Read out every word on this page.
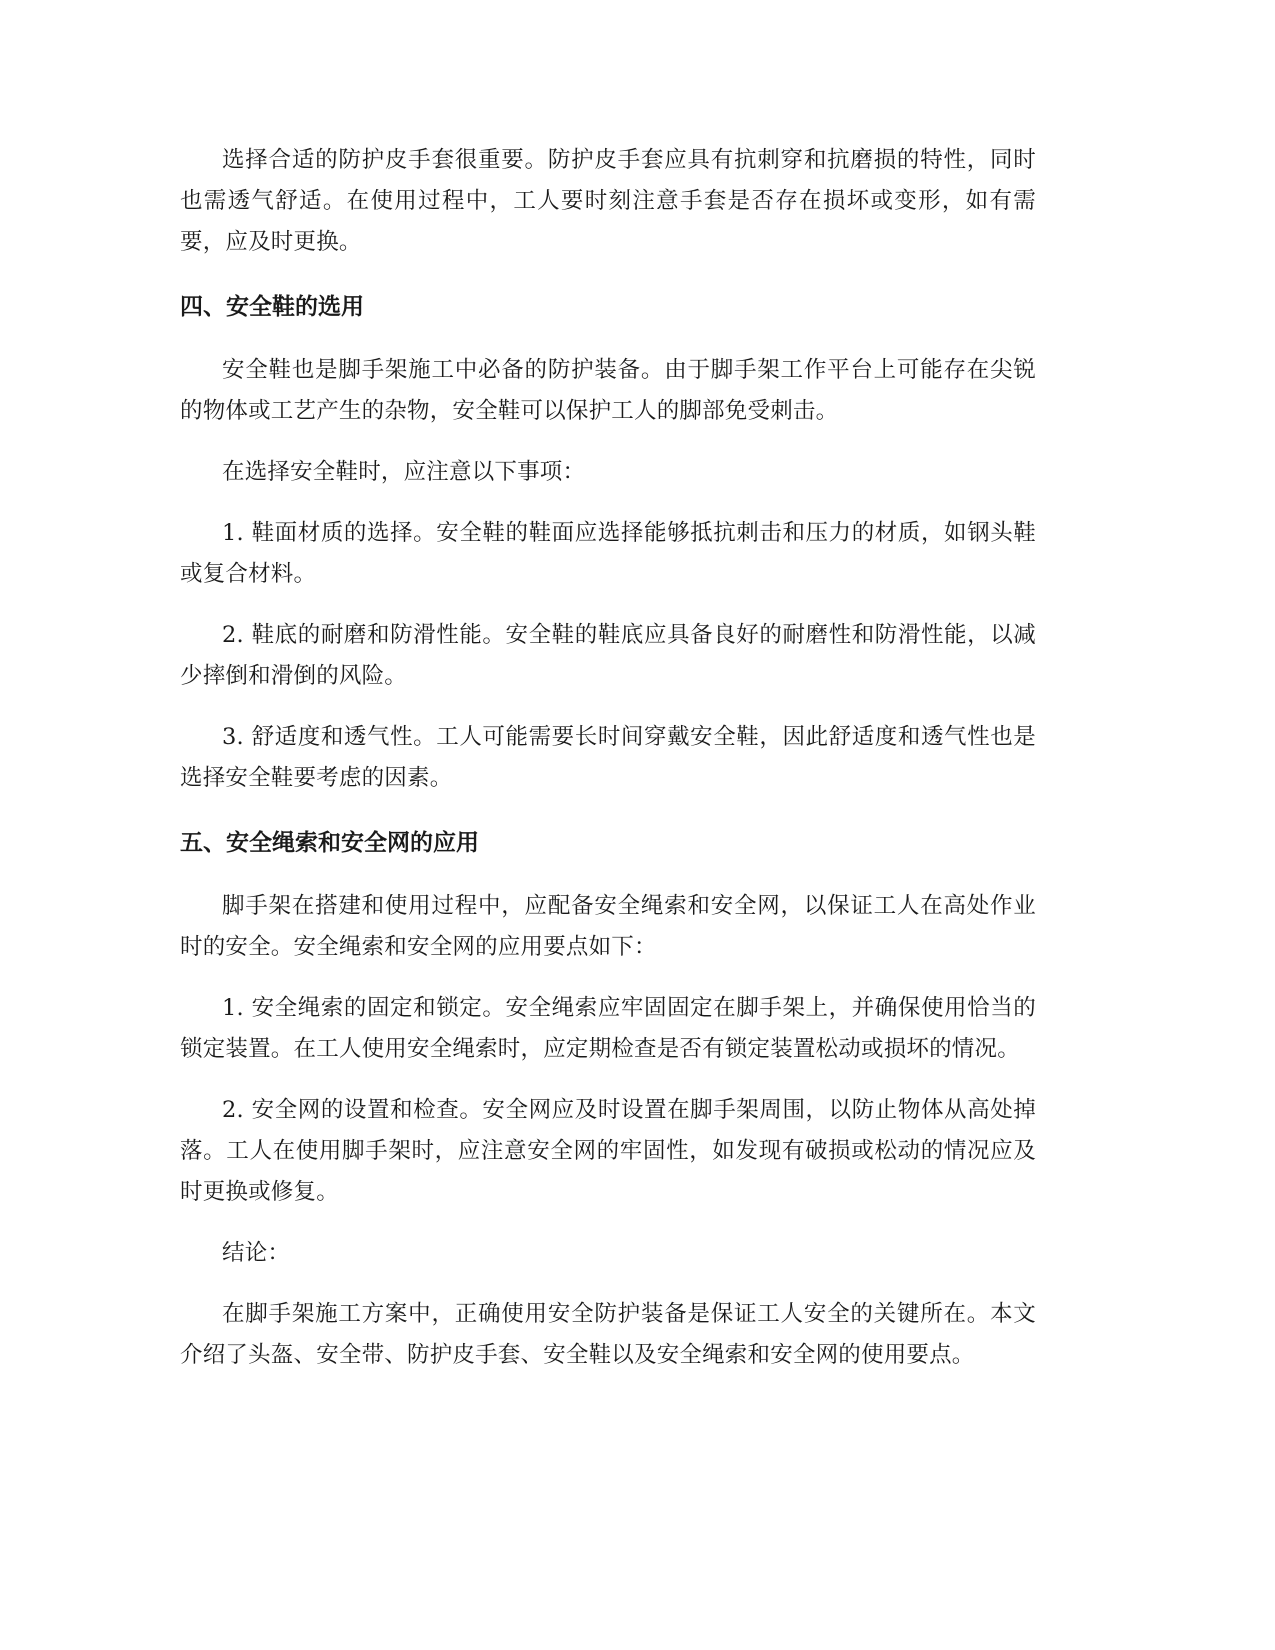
选择合适的防护皮手套很重要。防护皮手套应具有抗刺穿和抗磨损的特性，同时也需透气舒适。在使用过程中，工人要时刻注意手套是否存在损坏或变形，如有需要，应及时更换。

四、安全鞋的选用

安全鞋也是脚手架施工中必备的防护装备。由于脚手架工作平台上可能存在尖锐的物体或工艺产生的杂物，安全鞋可以保护工人的脚部免受刺击。

在选择安全鞋时，应注意以下事项：

1. 鞋面材质的选择。安全鞋的鞋面应选择能够抵抗刺击和压力的材质，如钢头鞋或复合材料。

2. 鞋底的耐磨和防滑性能。安全鞋的鞋底应具备良好的耐磨性和防滑性能，以减少摔倒和滑倒的风险。

3. 舒适度和透气性。工人可能需要长时间穿戴安全鞋，因此舒适度和透气性也是选择安全鞋要考虑的因素。

五、安全绳索和安全网的应用

脚手架在搭建和使用过程中，应配备安全绳索和安全网，以保证工人在高处作业时的安全。安全绳索和安全网的应用要点如下：

1. 安全绳索的固定和锁定。安全绳索应牢固固定在脚手架上，并确保使用恰当的锁定装置。在工人使用安全绳索时，应定期检查是否有锁定装置松动或损坏的情况。

2. 安全网的设置和检查。安全网应及时设置在脚手架周围，以防止物体从高处掉落。工人在使用脚手架时，应注意安全网的牢固性，如发现有破损或松动的情况应及时更换或修复。

结论：

在脚手架施工方案中，正确使用安全防护装备是保证工人安全的关键所在。本文介绍了头盔、安全带、防护皮手套、安全鞋以及安全绳索和安全网的使用要点。
